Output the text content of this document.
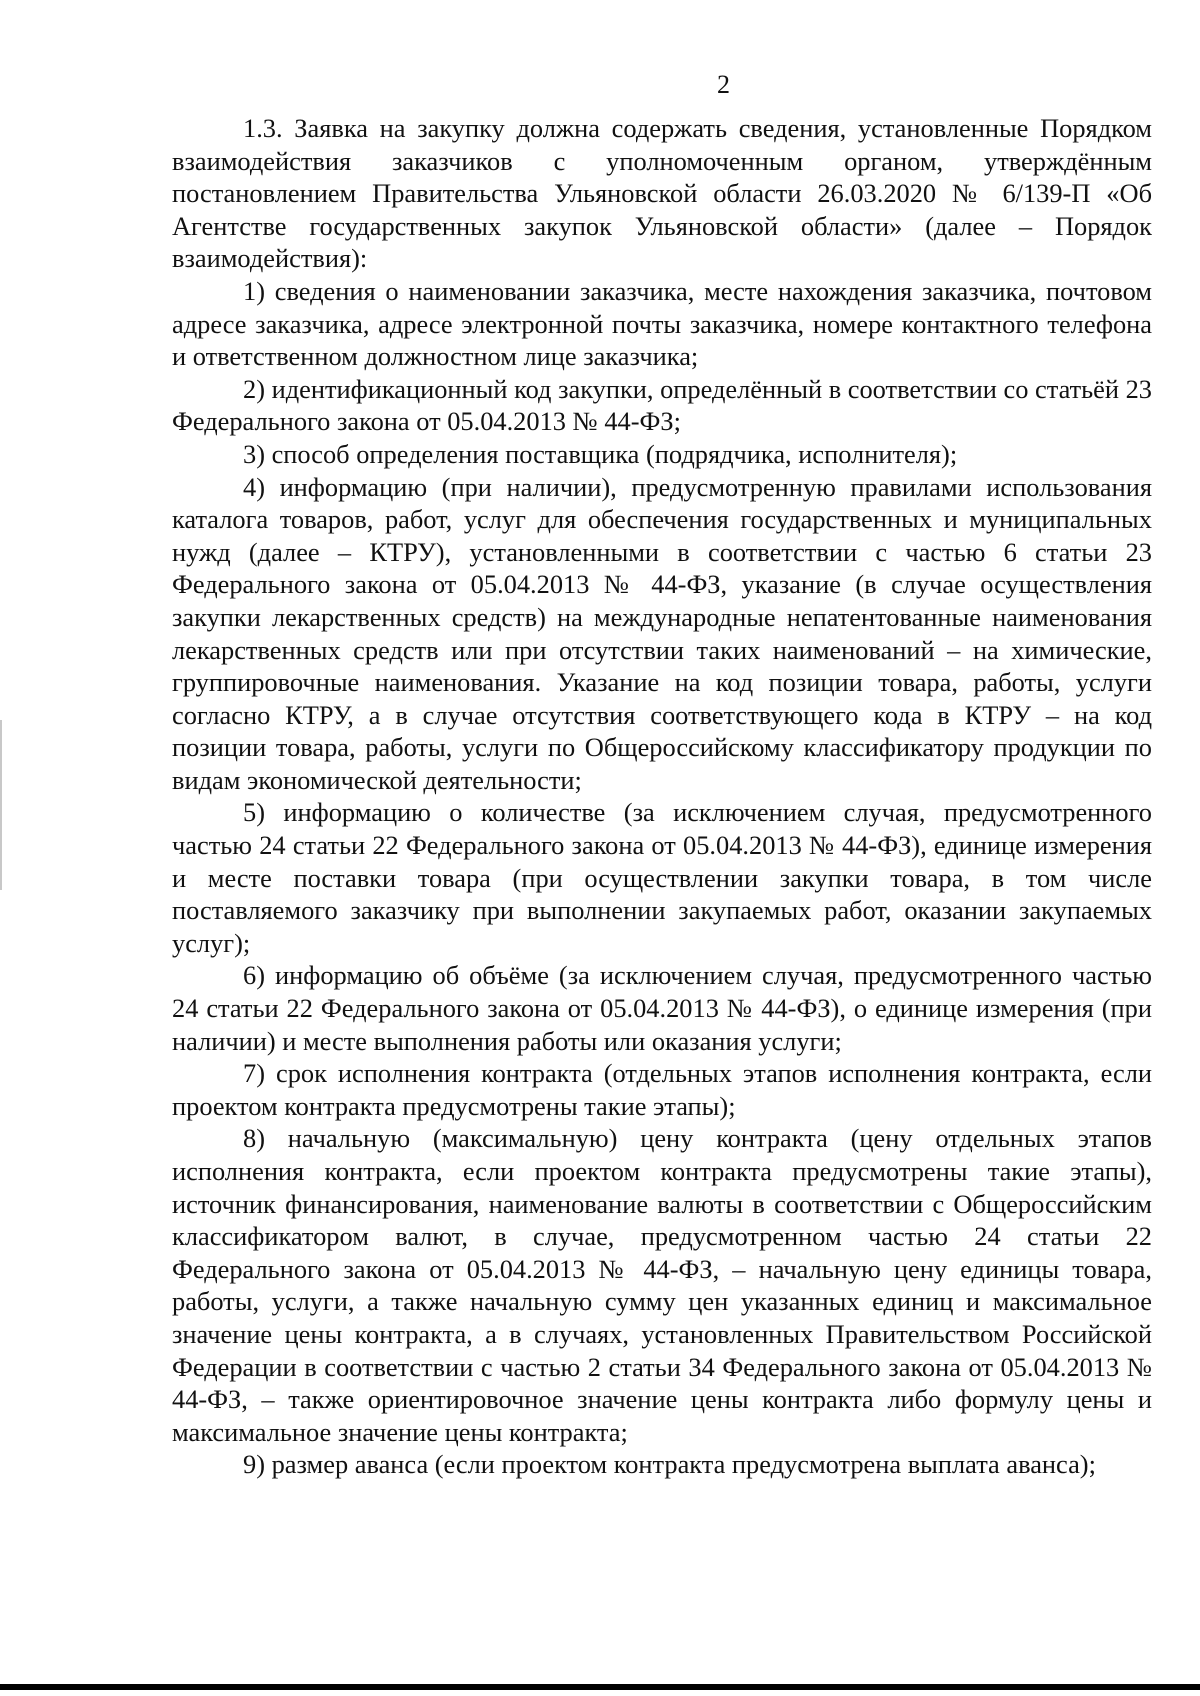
2

1.3. Заявка на закупку должна содержать сведения, установленные Порядком взаимодействия заказчиков с уполномоченным органом, утверждённым постановлением Правительства Ульяновской области 26.03.2020 № 6/139-П «Об Агентстве государственных закупок Ульяновской области» (далее – Порядок взаимодействия):

1) сведения о наименовании заказчика, месте нахождения заказчика, почтовом адресе заказчика, адресе электронной почты заказчика, номере контактного телефона и ответственном должностном лице заказчика;

2) идентификационный код закупки, определённый в соответствии со статьёй 23 Федерального закона от 05.04.2013 № 44-ФЗ;

3) способ определения поставщика (подрядчика, исполнителя);

4) информацию (при наличии), предусмотренную правилами использования каталога товаров, работ, услуг для обеспечения государственных и муниципальных нужд (далее – КТРУ), установленными в соответствии с частью 6 статьи 23 Федерального закона от 05.04.2013 № 44-ФЗ, указание (в случае осуществления закупки лекарственных средств) на международные непатентованные наименования лекарственных средств или при отсутствии таких наименований – на химические, группировочные наименования. Указание на код позиции товара, работы, услуги согласно КТРУ, а в случае отсутствия соответствующего кода в КТРУ – на код позиции товара, работы, услуги по Общероссийскому классификатору продукции по видам экономической деятельности;

5) информацию о количестве (за исключением случая, предусмотренного частью 24 статьи 22 Федерального закона от 05.04.2013 № 44-ФЗ), единице измерения и месте поставки товара (при осуществлении закупки товара, в том числе поставляемого заказчику при выполнении закупаемых работ, оказании закупаемых услуг);

6) информацию об объёме (за исключением случая, предусмотренного частью 24 статьи 22 Федерального закона от 05.04.2013 № 44-ФЗ), о единице измерения (при наличии) и месте выполнения работы или оказания услуги;

7) срок исполнения контракта (отдельных этапов исполнения контракта, если проектом контракта предусмотрены такие этапы);

8) начальную (максимальную) цену контракта (цену отдельных этапов исполнения контракта, если проектом контракта предусмотрены такие этапы), источник финансирования, наименование валюты в соответствии с Общероссийским классификатором валют, в случае, предусмотренном частью 24 статьи 22 Федерального закона от 05.04.2013 № 44-ФЗ, – начальную цену единицы товара, работы, услуги, а также начальную сумму цен указанных единиц и максимальное значение цены контракта, а в случаях, установленных Правительством Российской Федерации в соответствии с частью 2 статьи 34 Федерального закона от 05.04.2013 № 44-ФЗ, – также ориентировочное значение цены контракта либо формулу цены и максимальное значение цены контракта;

9) размер аванса (если проектом контракта предусмотрена выплата аванса);
